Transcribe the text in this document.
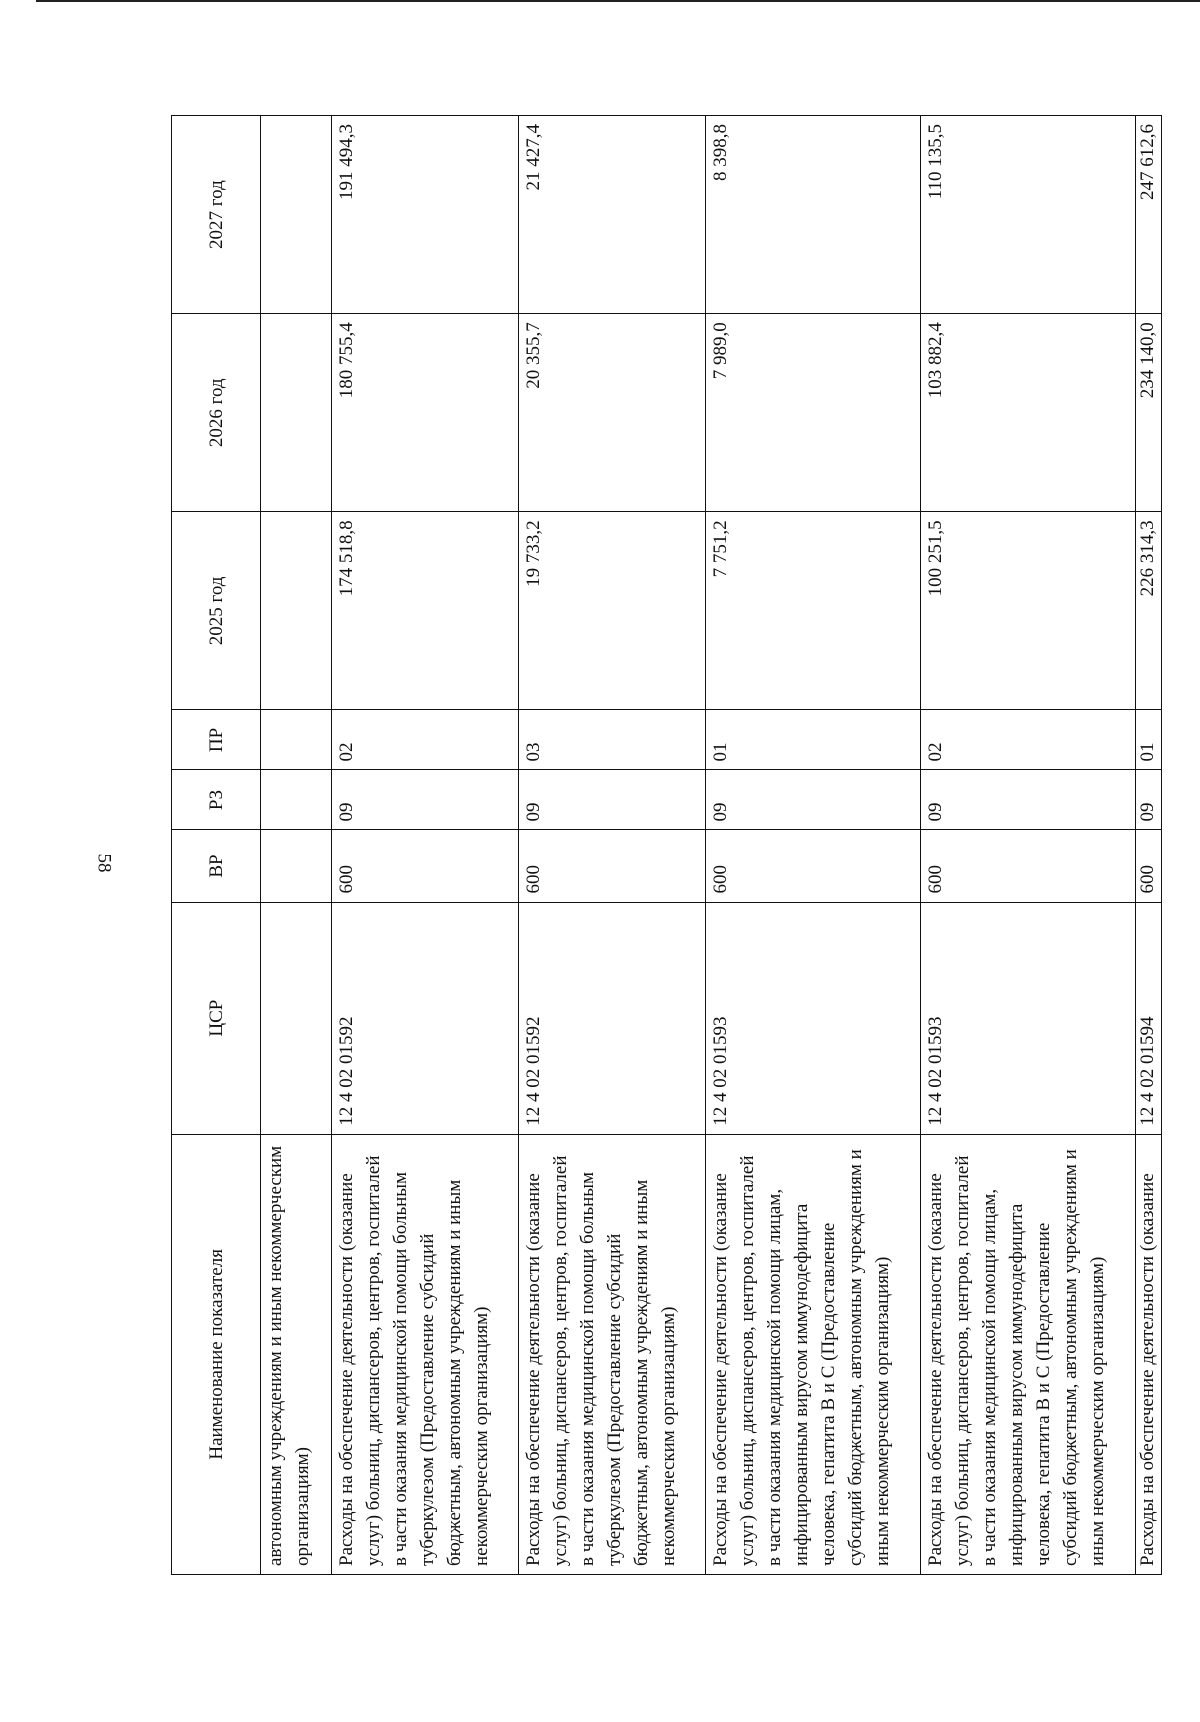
58
Наименование показателя	ЦСР	ВР	РЗ	ПР	2025 год	2026 год	2027 год
автономным учреждениям и иным некоммерческим организациям)							
Расходы на обеспечение деятельности (оказание услуг) больниц, диспансеров, центров, госпиталей в части оказания медицинской помощи больным туберкулезом (Предоставление субсидий бюджетным, автономным учреждениям и иным некоммерческим организациям)	12 4 02 01592	600	09	02	174 518,8	180 755,4	191 494,3
Расходы на обеспечение деятельности (оказание услуг) больниц, диспансеров, центров, госпиталей в части оказания медицинской помощи больным туберкулезом (Предоставление субсидий бюджетным, автономным учреждениям и иным некоммерческим организациям)	12 4 02 01592	600	09	03	19 733,2	20 355,7	21 427,4
Расходы на обеспечение деятельности (оказание услуг) больниц, диспансеров, центров, госпиталей в части оказания медицинской помощи лицам, инфицированным вирусом иммунодефицита человека, гепатита B и C (Предоставление субсидий бюджетным, автономным учреждениям и иным некоммерческим организациям)	12 4 02 01593	600	09	01	7 751,2	7 989,0	8 398,8
Расходы на обеспечение деятельности (оказание услуг) больниц, диспансеров, центров, госпиталей в части оказания медицинской помощи лицам, инфицированным вирусом иммунодефицита человека, гепатита B и C (Предоставление субсидий бюджетным, автономным учреждениям и иным некоммерческим организациям)	12 4 02 01593	600	09	02	100 251,5	103 882,4	110 135,5
Расходы на обеспечение деятельности (оказание	12 4 02 01594	600	09	01	226 314,3	234 140,0	247 612,6
